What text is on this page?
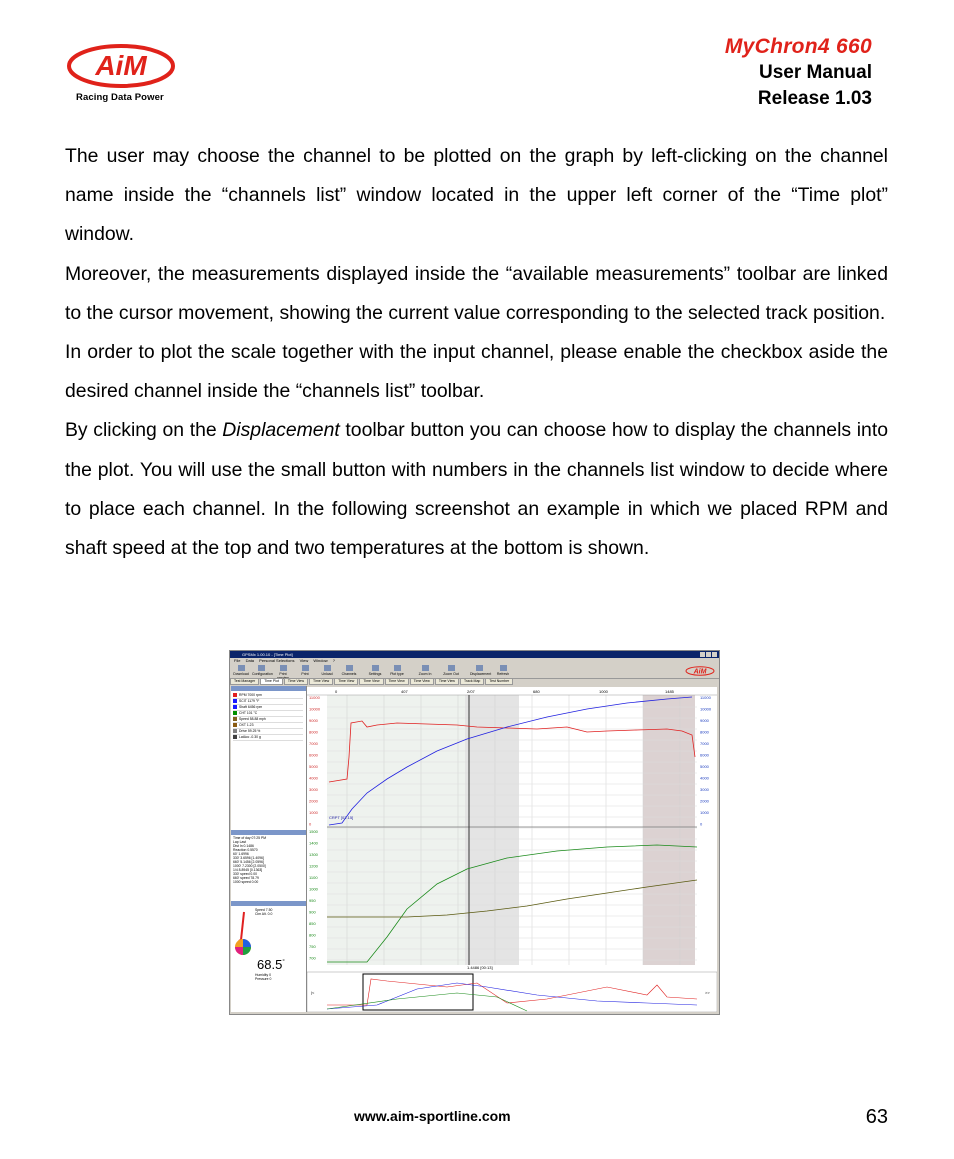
AiM
Racing Data Power
MyChron4 660
User Manual
Release 1.03

The user may choose the channel to be plotted on the graph by left-clicking on the channel name inside the “channels list” window located in the upper left corner of the “Time plot” window.

Moreover, the measurements displayed inside the “available measurements” toolbar are linked to the cursor movement, showing the current value corresponding to the selected track position.

In order to plot the scale together with the input channel, please enable the checkbox aside the desired channel inside the “channels list” toolbar.

By clicking on the Displacement toolbar button you can choose how to display the channels into the plot. You will use the small button with numbers in the channels list window to decide where to place each channel. In the following screenshot an example in which we placed RPM and shaft speed at the top and two temperatures at the bottom is shown.

GPSMx 1.00.10 - [Time Plot]
File Data Personal Selections View Window ?
Download Configuration	Print	Print	Unload	Channels	Settings	Plot type	Zoom In	Zoom Out	Displacement	Refresh	AiM
Test Manager	Time Plot	Time View	Time View	Time View	Time View	Time View	Time View	Time View	Track Map	Test Number
RPM 7000 rpm
SCIT 1179 °F
Shaft 6456 rpm
CHT 101 °C
Speed 58.88 mph
OXT 1.23
Drive 59.25 %
LatAcc -0.30 g
Time of day 07:25 PM
Lap Last
Dist In 0.1486
Reaction 0.5570
60' 1.6996
330' 3.6596 [1.4096]
660' 5.1456 [2.0596]
1000' 7.2300 [2.0500]
1/4 8.8945 [0.1363]
330' speed 0.00
660' speed 78.79
1000 speed 0.00
68.5°
Speed 7.50
Cim Alt. 0.0
Humidity 0
Pressure 0
11000
10000
9000
8000
7000
6000
5000
4000
3000
2000
1000
0
1500
1400
1300
1200
1100
1000
950
900
850
800
750
700
11000
10000
9000
8000
7000
6000
5000
4000
3000
2000
1000
0
0	407	2/07	680	1000	1485
CRPT [02.15]
1.4486 [00:13]
|<	>>
www.aim-sportline.com	63
